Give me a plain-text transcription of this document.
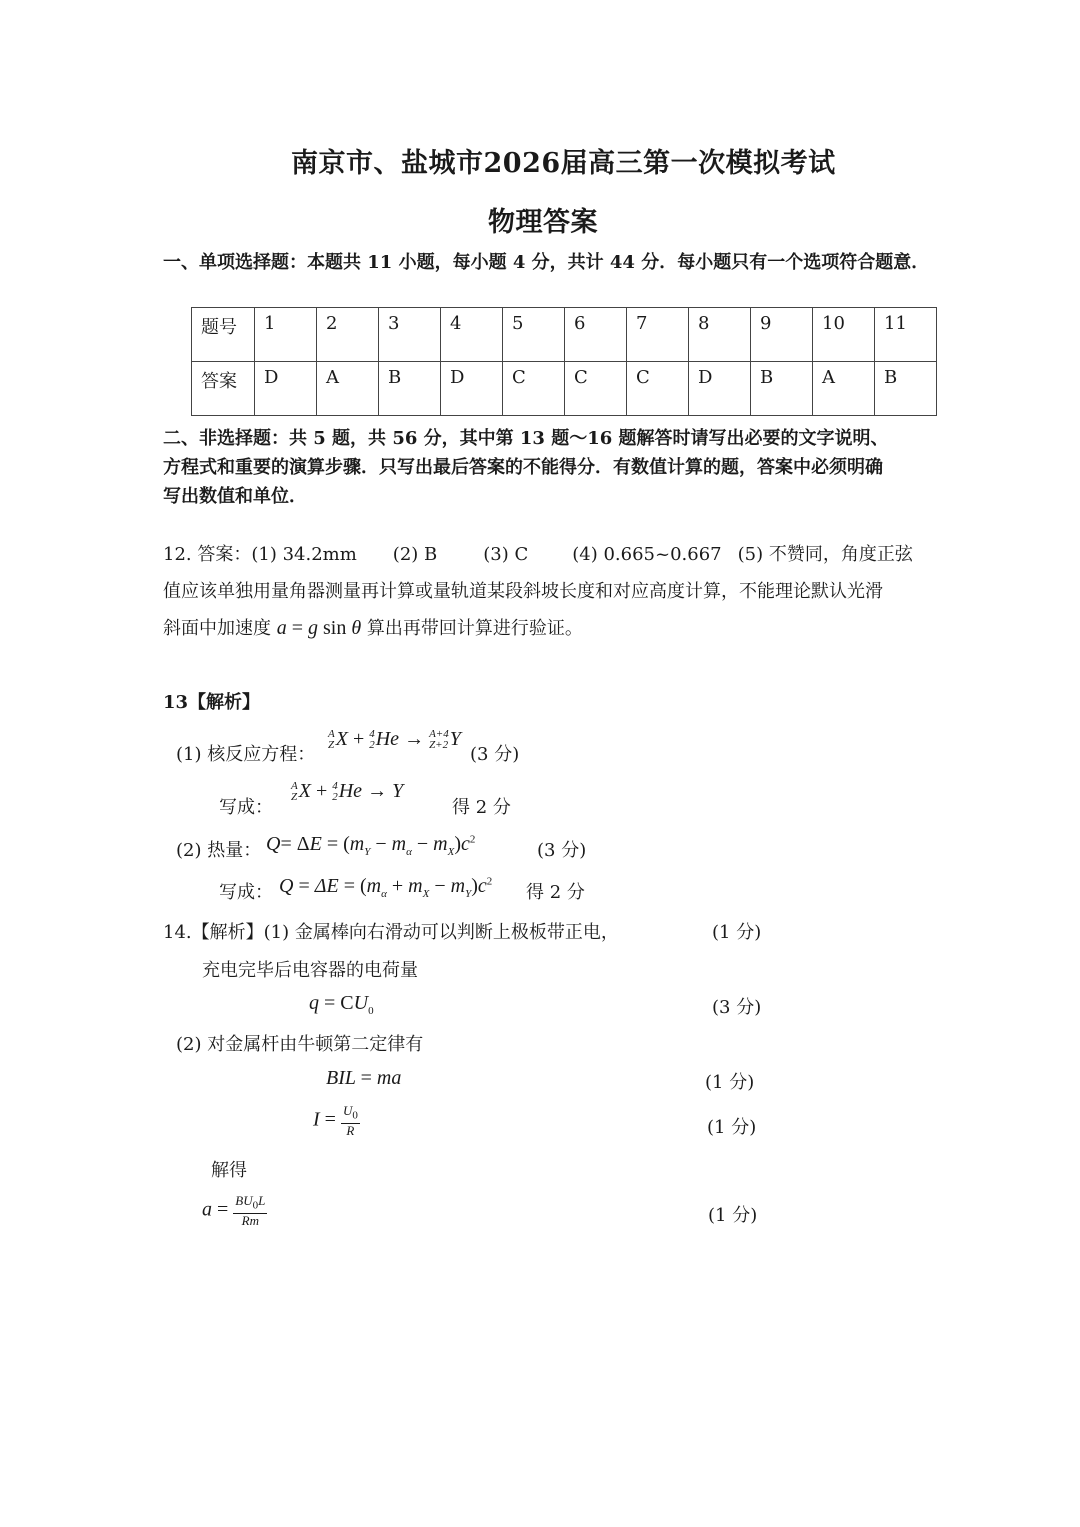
南京市、盐城市2026届高三第一次模拟考试
物理答案
一、单项选择题：本题共 11 小题，每小题 4 分，共计 44 分．每小题只有一个选项符合题意．
题号	1	2	3	4	5	6	7	8	9	10	11
答案	D	A	B	D	C	C	C	D	B	A	B
二、非选择题：共 5 题，共 56 分，其中第 13 题～16 题解答时请写出必要的文字说明、
方程式和重要的演算步骤．只写出最后答案的不能得分．有数值计算的题，答案中必须明确
写出数值和单位．
12. 答案：(1) 34.2mm (2) B	(3) C (4) 0.665~0.667 (5) 不赞同，角度正弦
值应该单独用量角器测量再计算或量轨道某段斜坡长度和对应高度计算，不能理论默认光滑
斜面中加速度 a = g sin θ 算出再带回计算进行验证。
13【解析】
(1) 核反应方程：
A
Z X + 4
2 He → A+4
Z+2 Y
(3 分)
写成：
A
Z X + 4
2 He → Y
得 2 分
(2) 热量： $Q= \Delta E = (m_Y - m_\alpha - m_X)c^2$
(3 分)
写成： $Q = \Delta E = (m_\alpha + m_X - m_Y)c^2$
得 2 分
14.【解析】(1) 金属棒向右滑动可以判断上极板带正电，	(1 分)
充电完毕后电容器的电荷量
$q = CU_0$	(3 分)
(2) 对金属杆由牛顿第二定律有
BIL = ma	(1 分)
$I = \frac{U_0}{R}$	(1 分)
解得
$a = \frac{BU_0L}{Rm}$	(1 分)
